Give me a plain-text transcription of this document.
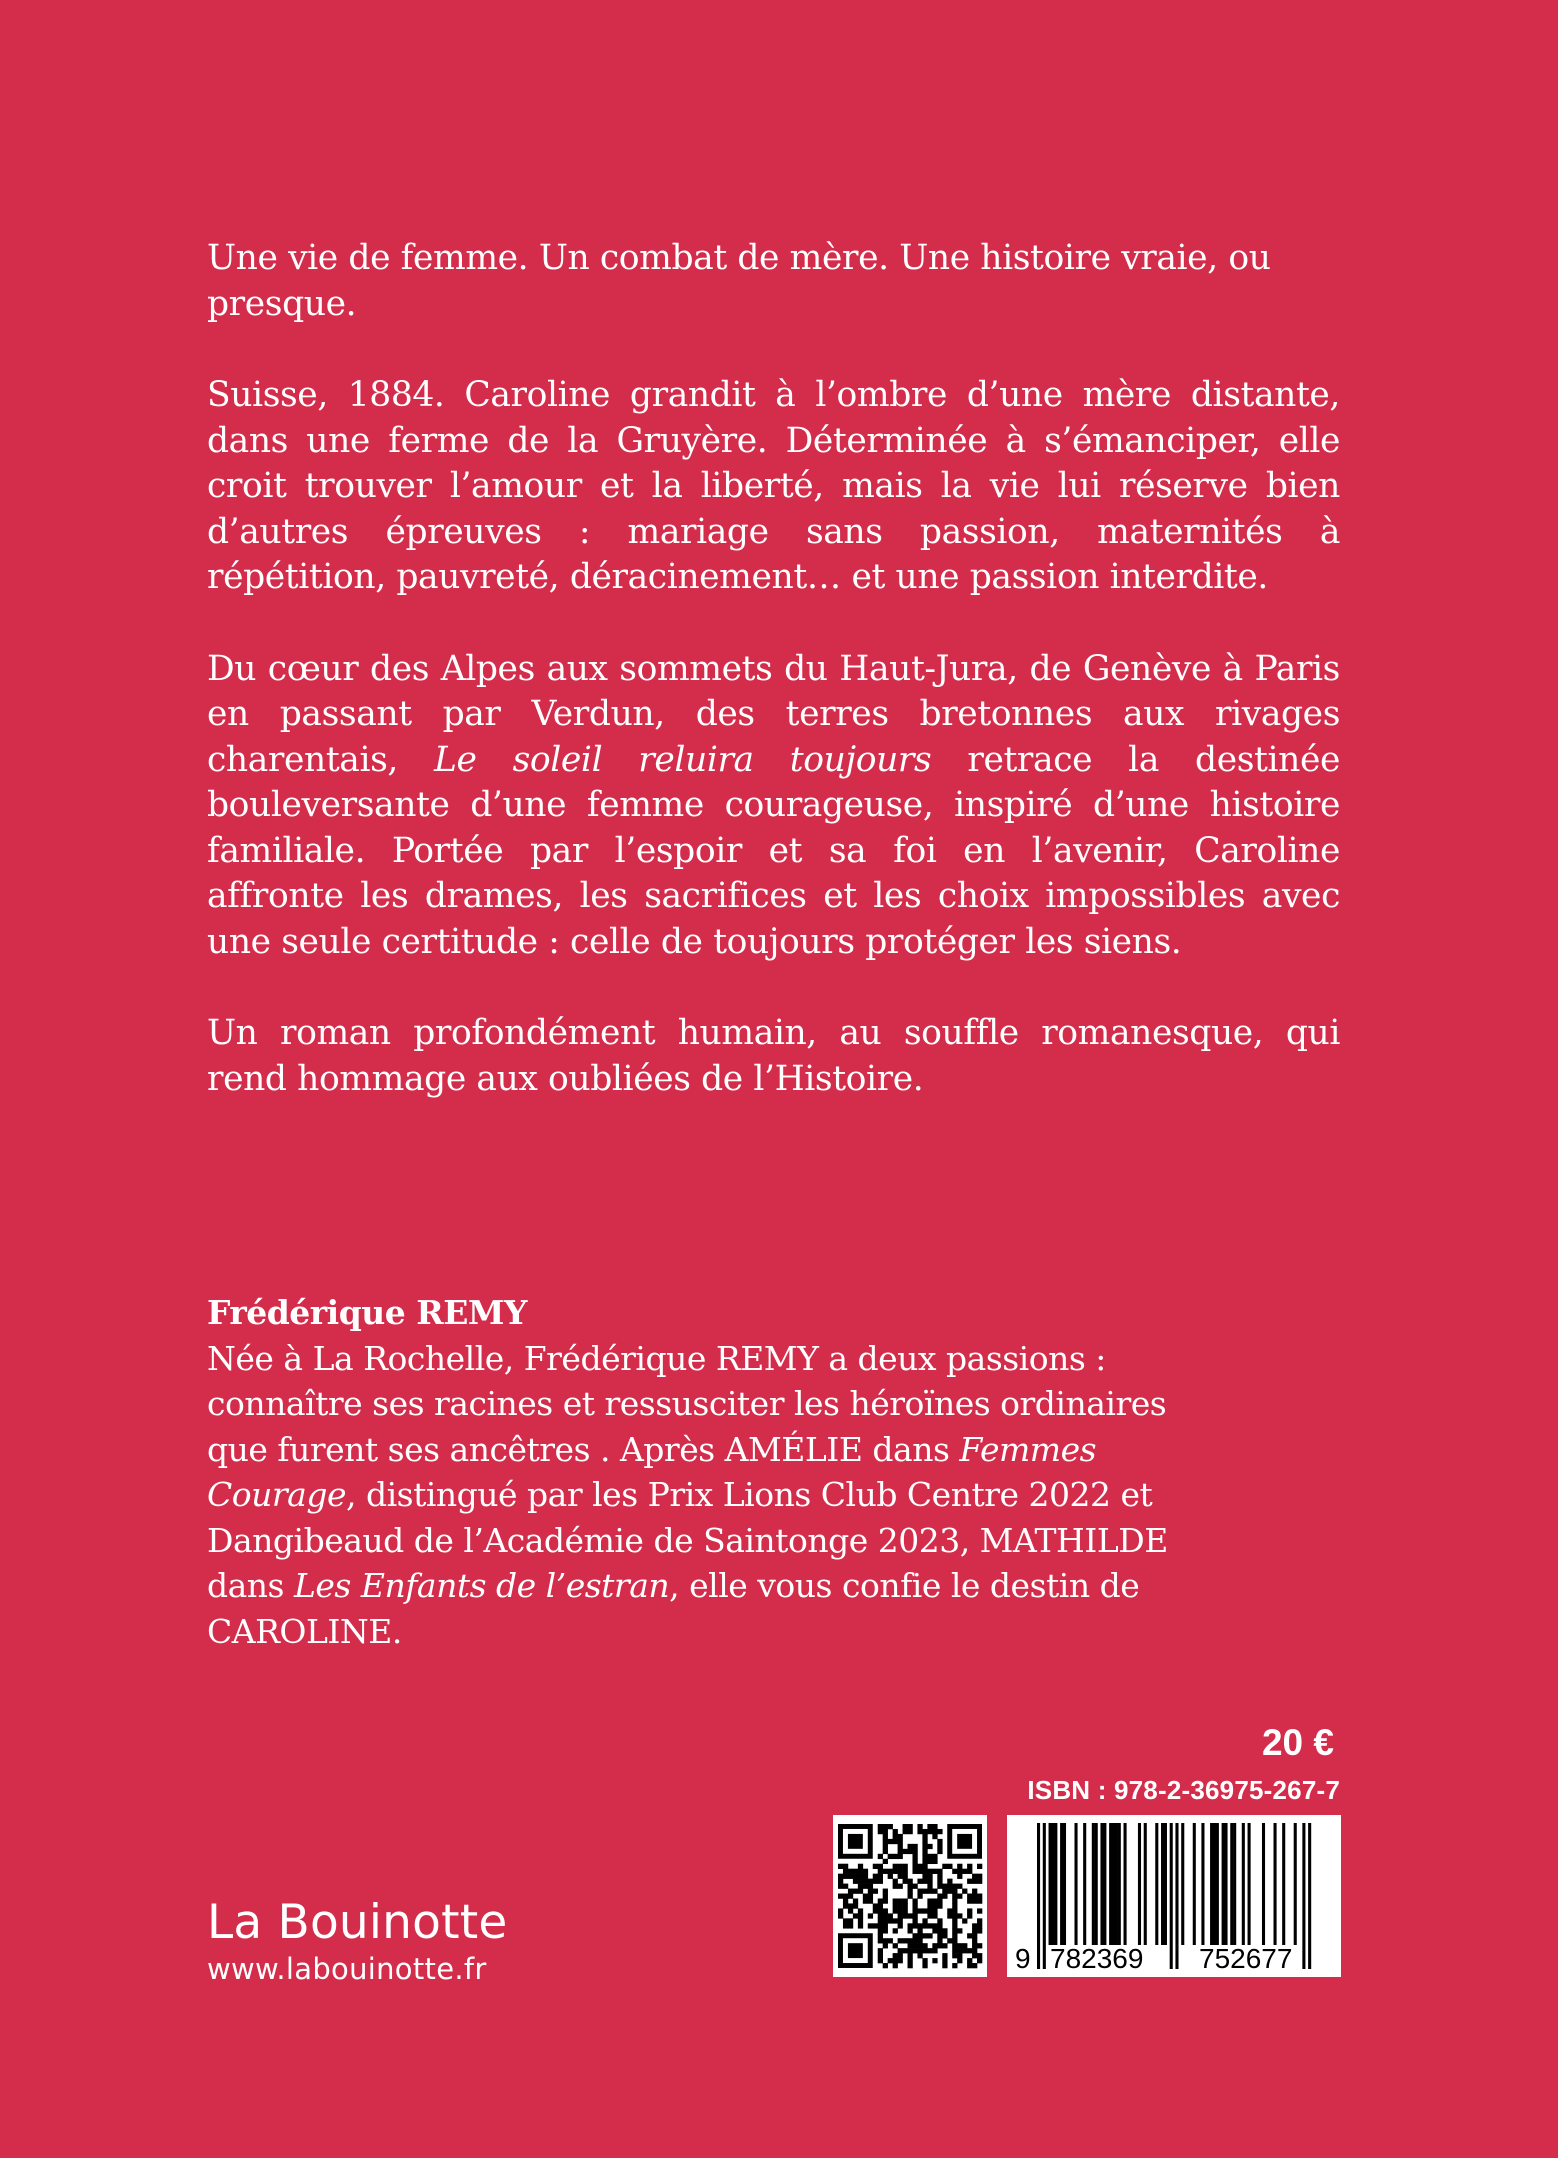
Une vie de femme. Un combat de mère. Une histoire vraie, ou presque.

Suisse, 1884. Caroline grandit à l’ombre d’une mère distante, dans une ferme de la Gruyère. Déterminée à s’émanciper, elle croit trouver l’amour et la liberté, mais la vie lui réserve bien d’autres épreuves : mariage sans passion, maternités à répétition, pauvreté, déracinement… et une passion interdite.

Du cœur des Alpes aux sommets du Haut-Jura, de Genève à Paris en passant par Verdun, des terres bretonnes aux rivages charentais, Le soleil reluira toujours retrace la destinée bouleversante d’une femme courageuse, inspiré d’une histoire familiale. Portée par l’espoir et sa foi en l’avenir, Caroline affronte les drames, les sacrifices et les choix impossibles avec une seule certitude : celle de toujours protéger les siens.

Un roman profondément humain, au souffle romanesque, qui rend hommage aux oubliées de l’Histoire.

Frédérique REMY
Née à La Rochelle, Frédérique REMY a deux passions : connaître ses racines et ressusciter les héroïnes ordinaires que furent ses ancêtres . Après AMÉLIE dans Femmes Courage, distingué par les Prix Lions Club Centre 2022 et Dangibeaud de l’Académie de Saintonge 2023, MATHILDE dans Les Enfants de l’estran, elle vous confie le destin de CAROLINE.
La Bouinotte
www.labouinotte.fr
20 €
ISBN : 978-2-36975-267-7
9 782369 752677
